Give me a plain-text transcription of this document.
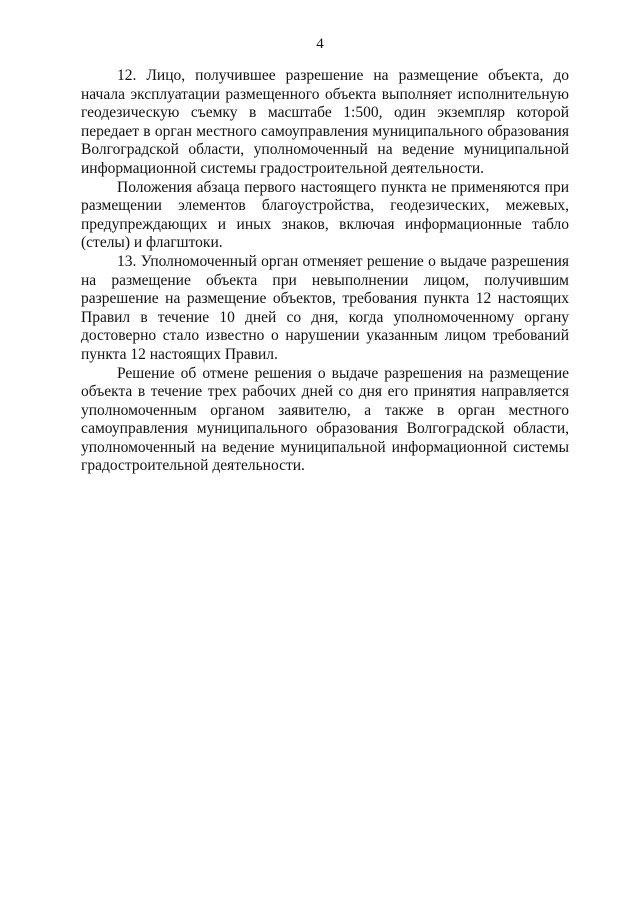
4

12. Лицо, получившее разрешение на размещение объекта, до начала эксплуатации размещенного объекта выполняет исполнительную геодезическую съемку в масштабе 1:500, один экземпляр которой передает в орган местного самоуправления муниципального образования Волгоградской области, уполномоченный на ведение муниципальной информационной системы градостроительной деятельности.

Положения абзаца первого настоящего пункта не применяются при размещении элементов благоустройства, геодезических, межевых, предупреждающих и иных знаков, включая информационные табло (стелы) и флагштоки.

13. Уполномоченный орган отменяет решение о выдаче разрешения на размещение объекта при невыполнении лицом, получившим разрешение на размещение объектов, требования пункта 12 настоящих Правил в течение 10 дней со дня, когда уполномоченному органу достоверно стало известно о нарушении указанным лицом требований пункта 12 настоящих Правил.

Решение об отмене решения о выдаче разрешения на размещение объекта в течение трех рабочих дней со дня его принятия направляется уполномоченным органом заявителю, а также в орган местного самоуправления муниципального образования Волгоградской области, уполномоченный на ведение муниципальной информационной системы градостроительной деятельности.
